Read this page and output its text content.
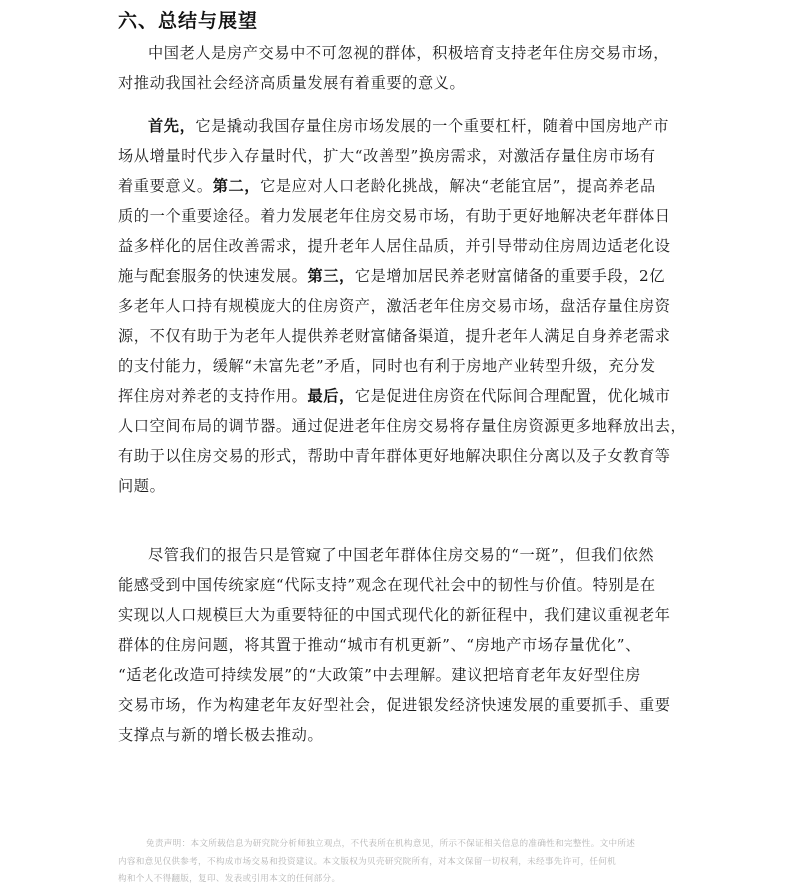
六、总结与展望

中国老人是房产交易中不可忽视的群体，积极培育支持老年住房交易市场，
对推动我国社会经济高质量发展有着重要的意义。

首先，它是撬动我国存量住房市场发展的一个重要杠杆，随着中国房地产市
场从增量时代步入存量时代，扩大“改善型”换房需求，对激活存量住房市场有
着重要意义。第二，它是应对人口老龄化挑战，解决“老能宜居”，提高养老品
质的一个重要途径。着力发展老年住房交易市场，有助于更好地解决老年群体日
益多样化的居住改善需求，提升老年人居住品质，并引导带动住房周边适老化设
施与配套服务的快速发展。第三，它是增加居民养老财富储备的重要手段，2亿
多老年人口持有规模庞大的住房资产，激活老年住房交易市场，盘活存量住房资
源，不仅有助于为老年人提供养老财富储备渠道，提升老年人满足自身养老需求
的支付能力，缓解“未富先老”矛盾，同时也有利于房地产业转型升级，充分发
挥住房对养老的支持作用。最后，它是促进住房资在代际间合理配置，优化城市
人口空间布局的调节器。通过促进老年住房交易将存量住房资源更多地释放出去，
有助于以住房交易的形式，帮助中青年群体更好地解决职住分离以及子女教育等
问题。

尽管我们的报告只是管窥了中国老年群体住房交易的“一斑”，但我们依然
能感受到中国传统家庭“代际支持”观念在现代社会中的韧性与价值。特别是在
实现以人口规模巨大为重要特征的中国式现代化的新征程中，我们建议重视老年
群体的住房问题，将其置于推动“城市有机更新”、“房地产市场存量优化”、
“适老化改造可持续发展”的“大政策”中去理解。建议把培育老年友好型住房
交易市场，作为构建老年友好型社会，促进银发经济快速发展的重要抓手、重要
支撑点与新的增长极去推动。

免责声明：本文所载信息为研究院分析师独立观点，不代表所在机构意见，所示不保证相关信息的准确性和完整性。文中所述
内容和意见仅供参考，不构成市场交易和投资建议。本文版权为贝壳研究院所有，对本文保留一切权利，未经事先许可，任何机
构和个人不得翻版，复印、发表或引用本文的任何部分。
